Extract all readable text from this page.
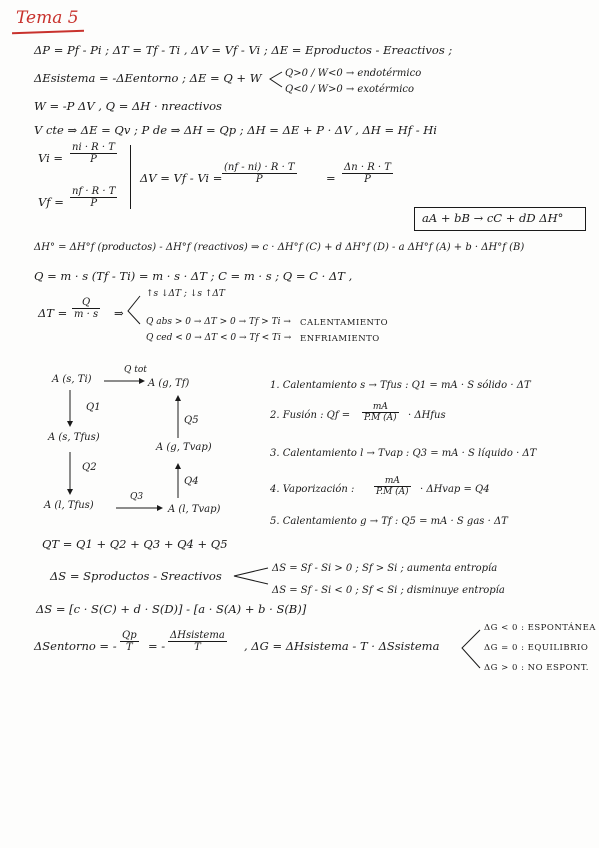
Tema 5
ΔP = Pf - Pi ; ΔT = Tf - Ti , ΔV = Vf - Vi ; ΔE = Eproductos - Ereactivos ;
ΔEsistema = -ΔEentorno ; ΔE = Q + W Q>0 / W<0 → endotérmico
Q<0 / W>0 → exotérmico
W = -P ΔV , Q = ΔH · nreactivos
V cte ⇒ ΔE = Qv ; P de ⇒ ΔH = Qp ; ΔH = ΔE + P · ΔV , ΔH = Hf - Hi
$Vi = \frac{ni \cdot R \cdot T}{P}$
$Vf = \frac{nf \cdot R \cdot T}{P}$
$\Delta V = Vf - Vi = \frac{(nf - ni) \cdot R \cdot T}{P}$	= $\frac{\Delta n \cdot R \cdot T}{P}$
aA + bB → cC + dD ΔH°
ΔH° = ΔH°f (productos) - ΔH°f (reactivos) ⇒ c · ΔH°f (C) + d ΔH°f (D) - a ΔH°f (A) + b · ΔH°f (B)
Q = m · s (Tf - Ti) = m · s · ΔT ; C = m · s ; Q = C · ΔT ,
$\Delta T = \frac{Q}{m \cdot s}$ ⇒
↑s ↓ΔT ; ↓s ↑ΔT
Q abs > 0 → ΔT > 0 → Tf > Ti → CALENTAMIENTO
Q ced < 0 → ΔT < 0 → Tf < Ti → ENFRIAMIENTO
A (s, Ti)
Q tot
A (g, Tf)
Q1
A (s, Tfus)
Q2
A (l, Tfus)
Q3
A (l, Tvap)
Q4
A (g, Tvap)
Q5
1. Calentamiento s → Tfus : Q1 = mA · S sólido · ΔT
2. Fusión : $Qf = \frac{mA}{P.M (A)}$ · ΔHfus
3. Calentamiento l → Tvap : Q3 = mA · S líquido · ΔT
4. Vaporización : $\frac{mA}{P.M (A)}$ · ΔHvap = Q4
5. Calentamiento g → Tf : Q5 = mA · S gas · ΔT
QT = Q1 + Q2 + Q3 + Q4 + Q5
ΔS = Sproductos - Sreactivos
ΔS = Sf - Si > 0 ; Sf > Si ; aumenta entropía
ΔS = Sf - Si < 0 ; Sf < Si ; disminuye entropía
ΔS = [c · S(C) + d · S(D)] - [a · S(A) + b · S(B)]
ΔSentorno = - $\frac{Qp}{T}$ = -
ΔHsistema
T	, ΔG = ΔHsistema - T · ΔSsistema
ΔG < 0 : ESPONTÁNEA
ΔG = 0 : EQUILIBRIO
ΔG > 0 : NO ESPONT.
